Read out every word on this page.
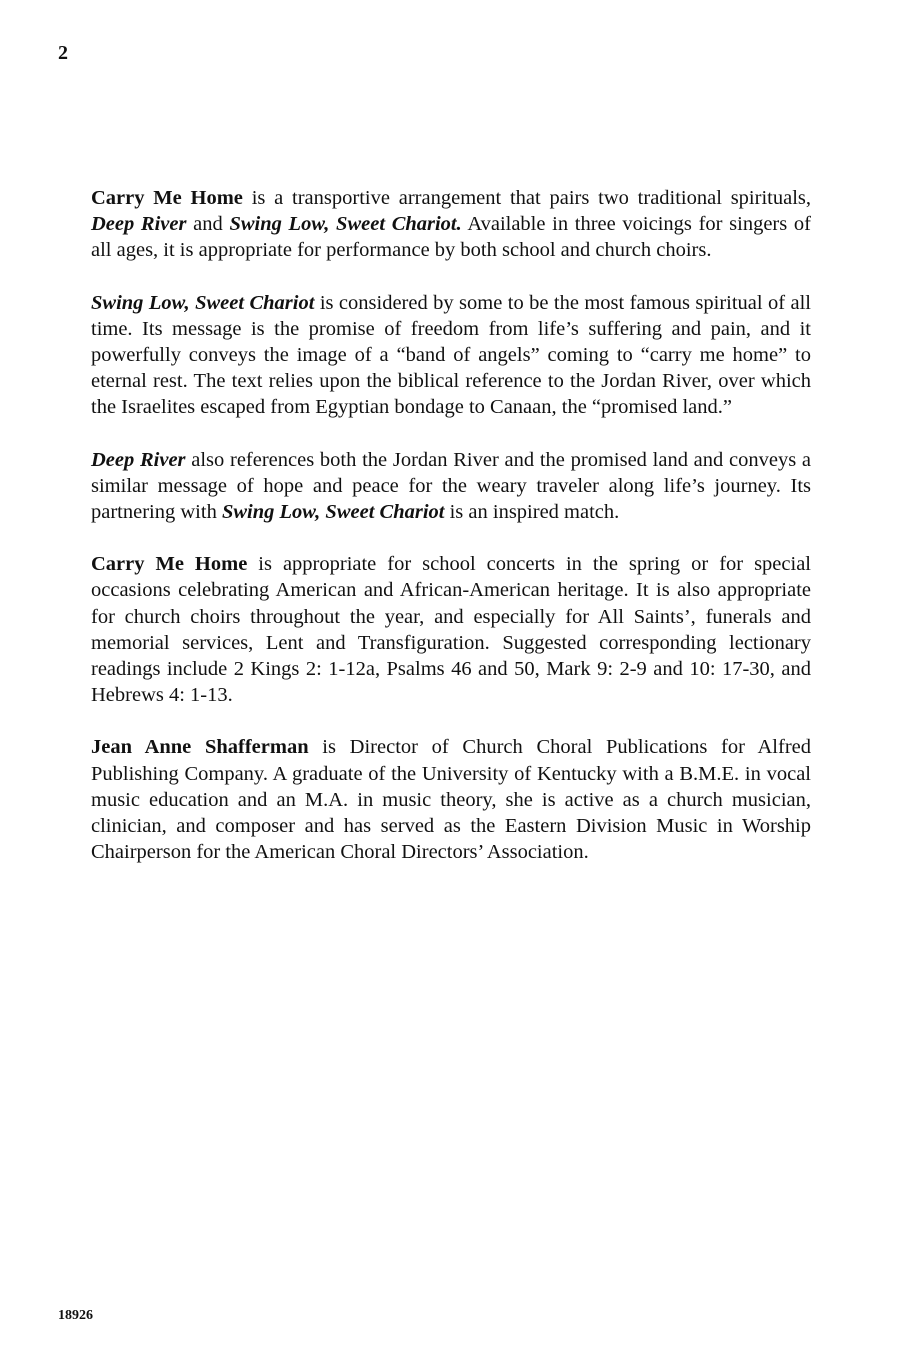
2

Carry Me Home is a transportive arrangement that pairs two traditional spirituals, Deep River and Swing Low, Sweet Chariot. Available in three voicings for singers of all ages, it is appropriate for performance by both school and church choirs.

Swing Low, Sweet Chariot is considered by some to be the most famous spiritual of all time. Its message is the promise of freedom from life’s suffering and pain, and it powerfully conveys the image of a “band of angels” coming to “carry me home” to eternal rest. The text relies upon the biblical reference to the Jordan River, over which the Israelites escaped from Egyptian bondage to Canaan, the “promised land.”

Deep River also references both the Jordan River and the promised land and conveys a similar message of hope and peace for the weary traveler along life’s journey. Its partnering with Swing Low, Sweet Chariot is an inspired match.

Carry Me Home is appropriate for school concerts in the spring or for special occasions celebrating American and African-American heritage. It is also appropriate for church choirs throughout the year, and especially for All Saints’, funerals and memorial services, Lent and Transfiguration. Suggested corresponding lectionary readings include 2 Kings 2: 1-12a, Psalms 46 and 50, Mark 9: 2-9 and 10: 17-30, and Hebrews 4: 1-13.

Jean Anne Shafferman is Director of Church Choral Publications for Alfred Publishing Company. A graduate of the University of Kentucky with a B.M.E. in vocal music education and an M.A. in music theory, she is active as a church musician, clinician, and composer and has served as the Eastern Division Music in Worship Chairperson for the American Choral Directors’ Association.

18926
